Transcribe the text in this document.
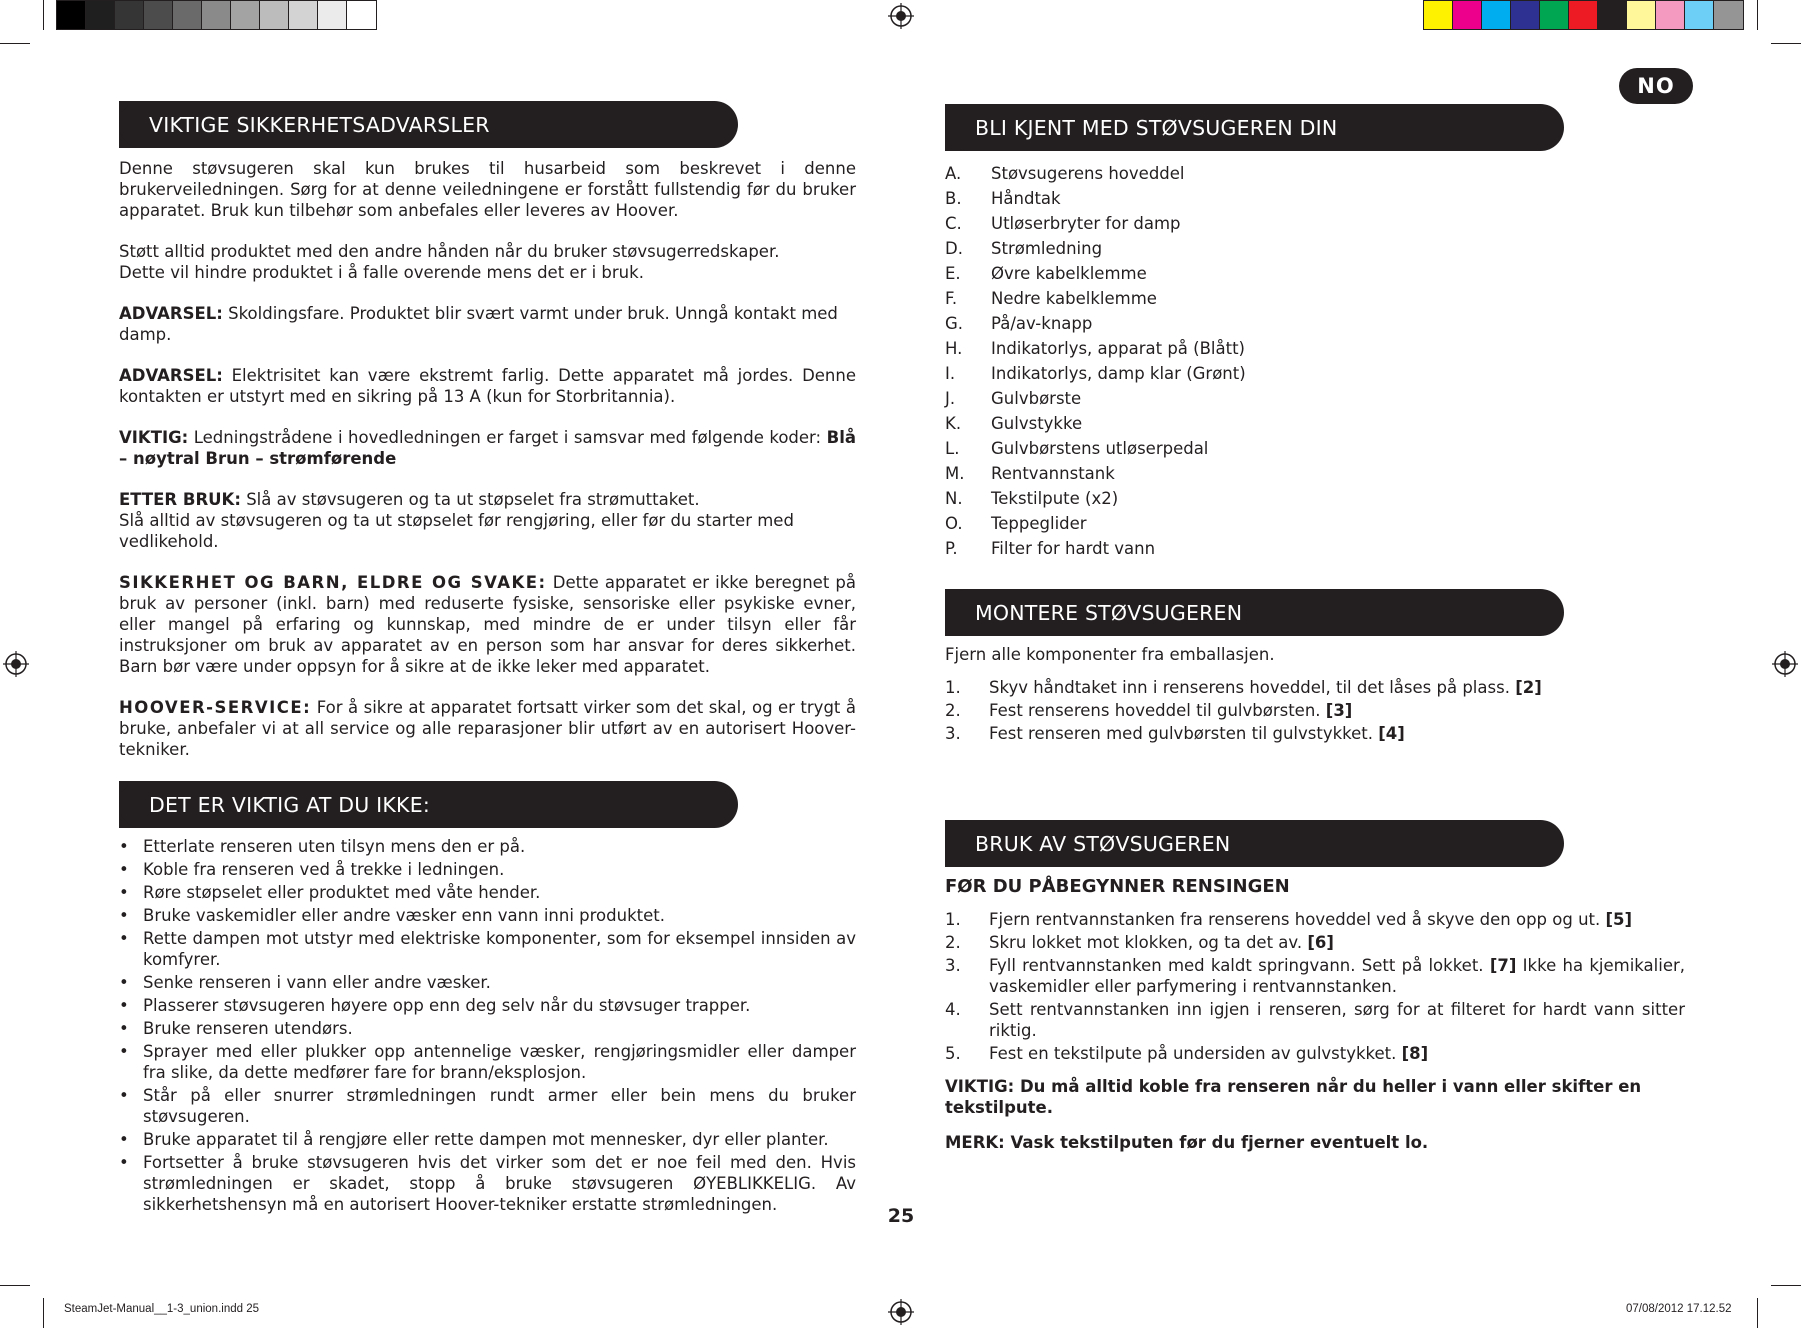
NO
VIKTIGE SIKKERHETSADVARSLER

Denne støvsugeren skal kun brukes til husarbeid som beskrevet i denne brukerveiledningen. Sørg for at denne veiledningene er forstått fullstendig før du bruker apparatet. Bruk kun tilbehør som anbefales eller leveres av Hoover.

Støtt alltid produktet med den andre hånden når du bruker støvsugerredskaper.
Dette vil hindre produktet i å falle overende mens det er i bruk.

ADVARSEL: Skoldingsfare. Produktet blir svært varmt under bruk. Unngå kontakt med damp.

ADVARSEL: Elektrisitet kan være ekstremt farlig. Dette apparatet må jordes. Denne kontakten er utstyrt med en sikring på 13 A (kun for Storbritannia).

VIKTIG: Ledningstrådene i hovedledningen er farget i samsvar med følgende koder: Blå – nøytral Brun – strømførende

ETTER BRUK: Slå av støvsugeren og ta ut støpselet fra strømuttaket.
Slå alltid av støvsugeren og ta ut støpselet før rengjøring, eller før du starter med vedlikehold.

SIKKERHET OG BARN, ELDRE OG SVAKE: Dette apparatet er ikke beregnet på bruk av personer (inkl. barn) med reduserte fysiske, sensoriske eller psykiske evner, eller mangel på erfaring og kunnskap, med mindre de er under tilsyn eller får instruksjoner om bruk av apparatet av en person som har ansvar for deres sikkerhet. Barn bør være under oppsyn for å sikre at de ikke leker med apparatet.

HOOVER-SERVICE: For å sikre at apparatet fortsatt virker som det skal, og er trygt å bruke, anbefaler vi at all service og alle reparasjoner blir utført av en autorisert Hoover-tekniker.

DET ER VIKTIG AT DU IKKE:
• Etterlate renseren uten tilsyn mens den er på.
• Koble fra renseren ved å trekke i ledningen.
• Røre støpselet eller produktet med våte hender.
• Bruke vaskemidler eller andre væsker enn vann inni produktet.
• Rette dampen mot utstyr med elektriske komponenter, som for eksempel innsiden av komfyrer.
• Senke renseren i vann eller andre væsker.
• Plasserer støvsugeren høyere opp enn deg selv når du støvsuger trapper.
• Bruke renseren utendørs.
• Sprayer med eller plukker opp antennelige væsker, rengjøringsmidler eller damper fra slike, da dette medfører fare for brann/eksplosjon.
• Står på eller snurrer strømledningen rundt armer eller bein mens du bruker støvsugeren.
• Bruke apparatet til å rengjøre eller rette dampen mot mennesker, dyr eller planter.
• Fortsetter å bruke støvsugeren hvis det virker som det er noe feil med den. Hvis strømledningen er skadet, stopp å bruke støvsugeren ØYEBLIKKELIG. Av sikkerhetshensyn må en autorisert Hoover-tekniker erstatte strømledningen.
BLI KJENT MED STØVSUGEREN DIN
A.	Støvsugerens hoveddel
B.	Håndtak
C.	Utløserbryter for damp
D.	Strømledning
E.	Øvre kabelklemme
F.	Nedre kabelklemme
G.	På/av-knapp
H.	Indikatorlys, apparat på (Blått)
I.	Indikatorlys, damp klar (Grønt)
J.	Gulvbørste
K.	Gulvstykke
L.	Gulvbørstens utløserpedal
M.	Rentvannstank
N.	Tekstilpute (x2)
O.	Teppeglider
P.	Filter for hardt vann
MONTERE STØVSUGEREN

Fjern alle komponenter fra emballasjen.

1.	Skyv håndtaket inn i renserens hoveddel, til det låses på plass. [2]
2.	Fest renserens hoveddel til gulvbørsten. [3]
3.	Fest renseren med gulvbørsten til gulvstykket. [4]
BRUK AV STØVSUGEREN

FØR DU PÅBEGYNNER RENSINGEN

1.	Fjern rentvannstanken fra renserens hoveddel ved å skyve den opp og ut. [5]
2.	Skru lokket mot klokken, og ta det av. [6]
3.	Fyll rentvannstanken med kaldt springvann. Sett på lokket. [7] Ikke ha kjemikalier, vaskemidler eller parfymering i rentvannstanken.
4.	Sett rentvannstanken inn igjen i renseren, sørg for at filteret for hardt vann sitter riktig.
5.	Fest en tekstilpute på undersiden av gulvstykket. [8]

VIKTIG: Du må alltid koble fra renseren når du heller i vann eller skifter en tekstilpute.

MERK: Vask tekstilputen før du fjerner eventuelt lo.

25
SteamJet-Manual__1-3_union.indd 25	07/08/2012 17.12.52
